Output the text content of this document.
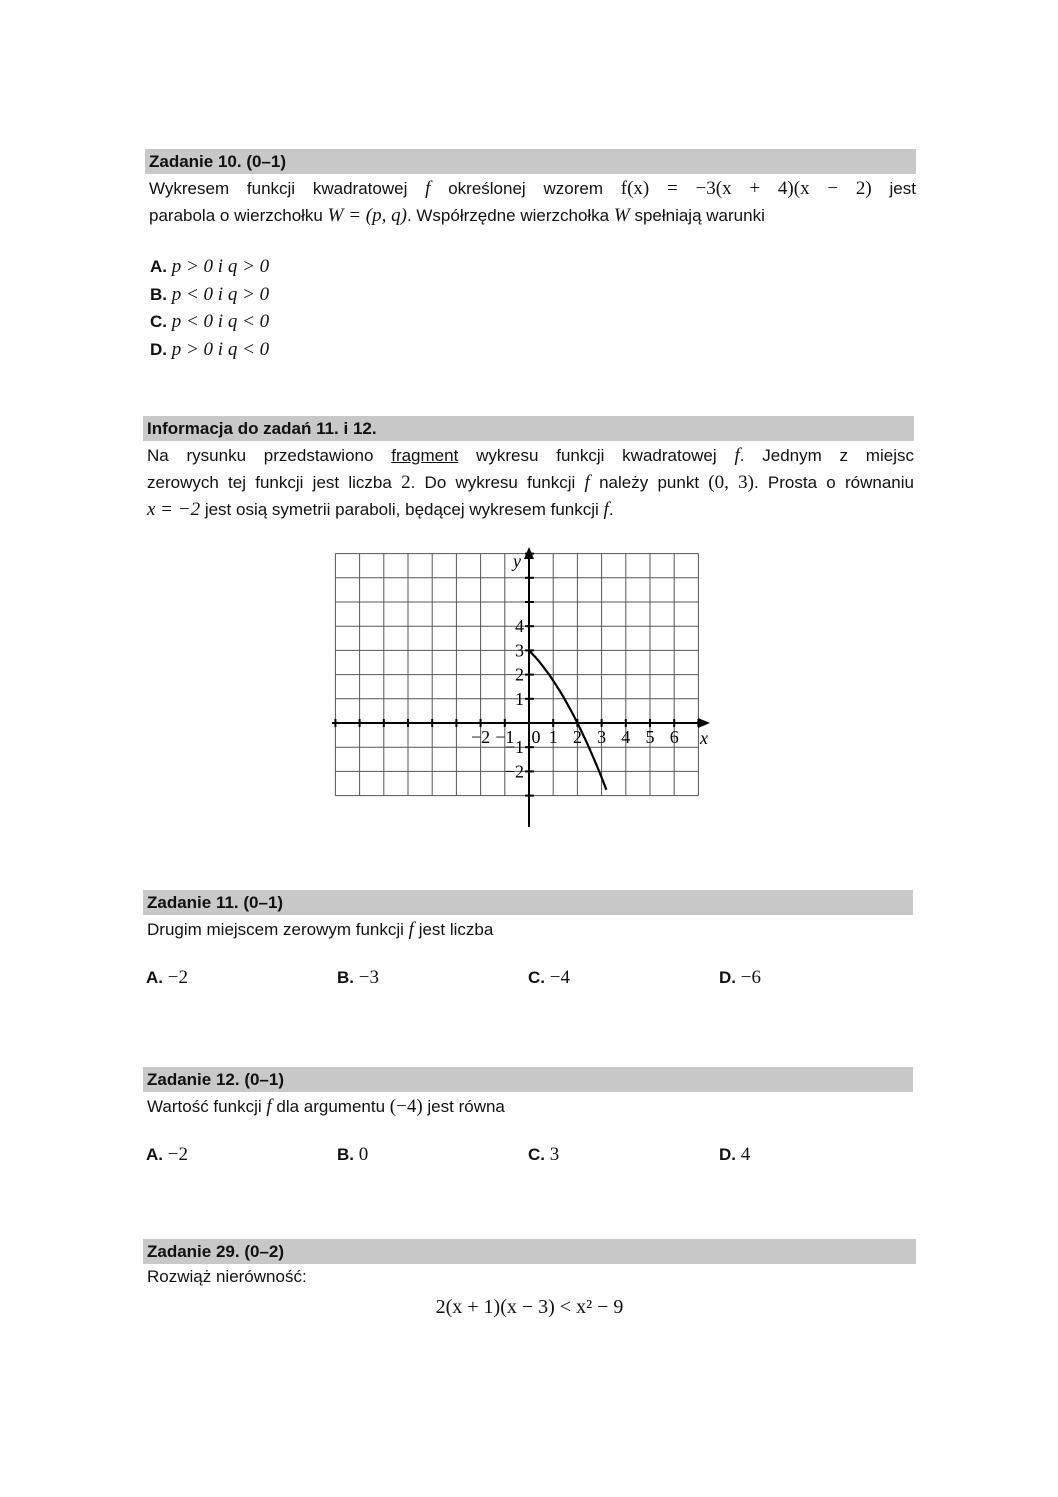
Zadanie 10. (0–1)
Wykresem funkcji kwadratowej f określonej wzorem f(x) = −3(x + 4)(x − 2) jest
parabola o wierzchołku W = (p, q). Współrzędne wierzchołka W spełniają warunki
A. p > 0 i q > 0
B. p < 0 i q > 0
C. p < 0 i q < 0
D. p > 0 i q < 0
Informacja do zadań 11. i 12.
Na rysunku przedstawiono fragment wykresu funkcji kwadratowej f. Jednym z miejsc
zerowych tej funkcji jest liczba 2. Do wykresu funkcji f należy punkt (0, 3). Prosta o równaniu
x = −2 jest osią symetrii paraboli, będącej wykresem funkcji f.
−2 −1 0 1 2 3 4 5 6
4
3
2
1
−1
−2
x
y
Zadanie 11. (0–1)
Drugim miejscem zerowym funkcji f jest liczba
A. −2	B. −3	C. −4	D. −6
Zadanie 12. (0–1)
Wartość funkcji f dla argumentu (−4) jest równa
A. −2	B. 0	C. 3	D. 4
Zadanie 29. (0–2)
Rozwiąż nierówność:
2(x + 1)(x − 3) < x² − 9
